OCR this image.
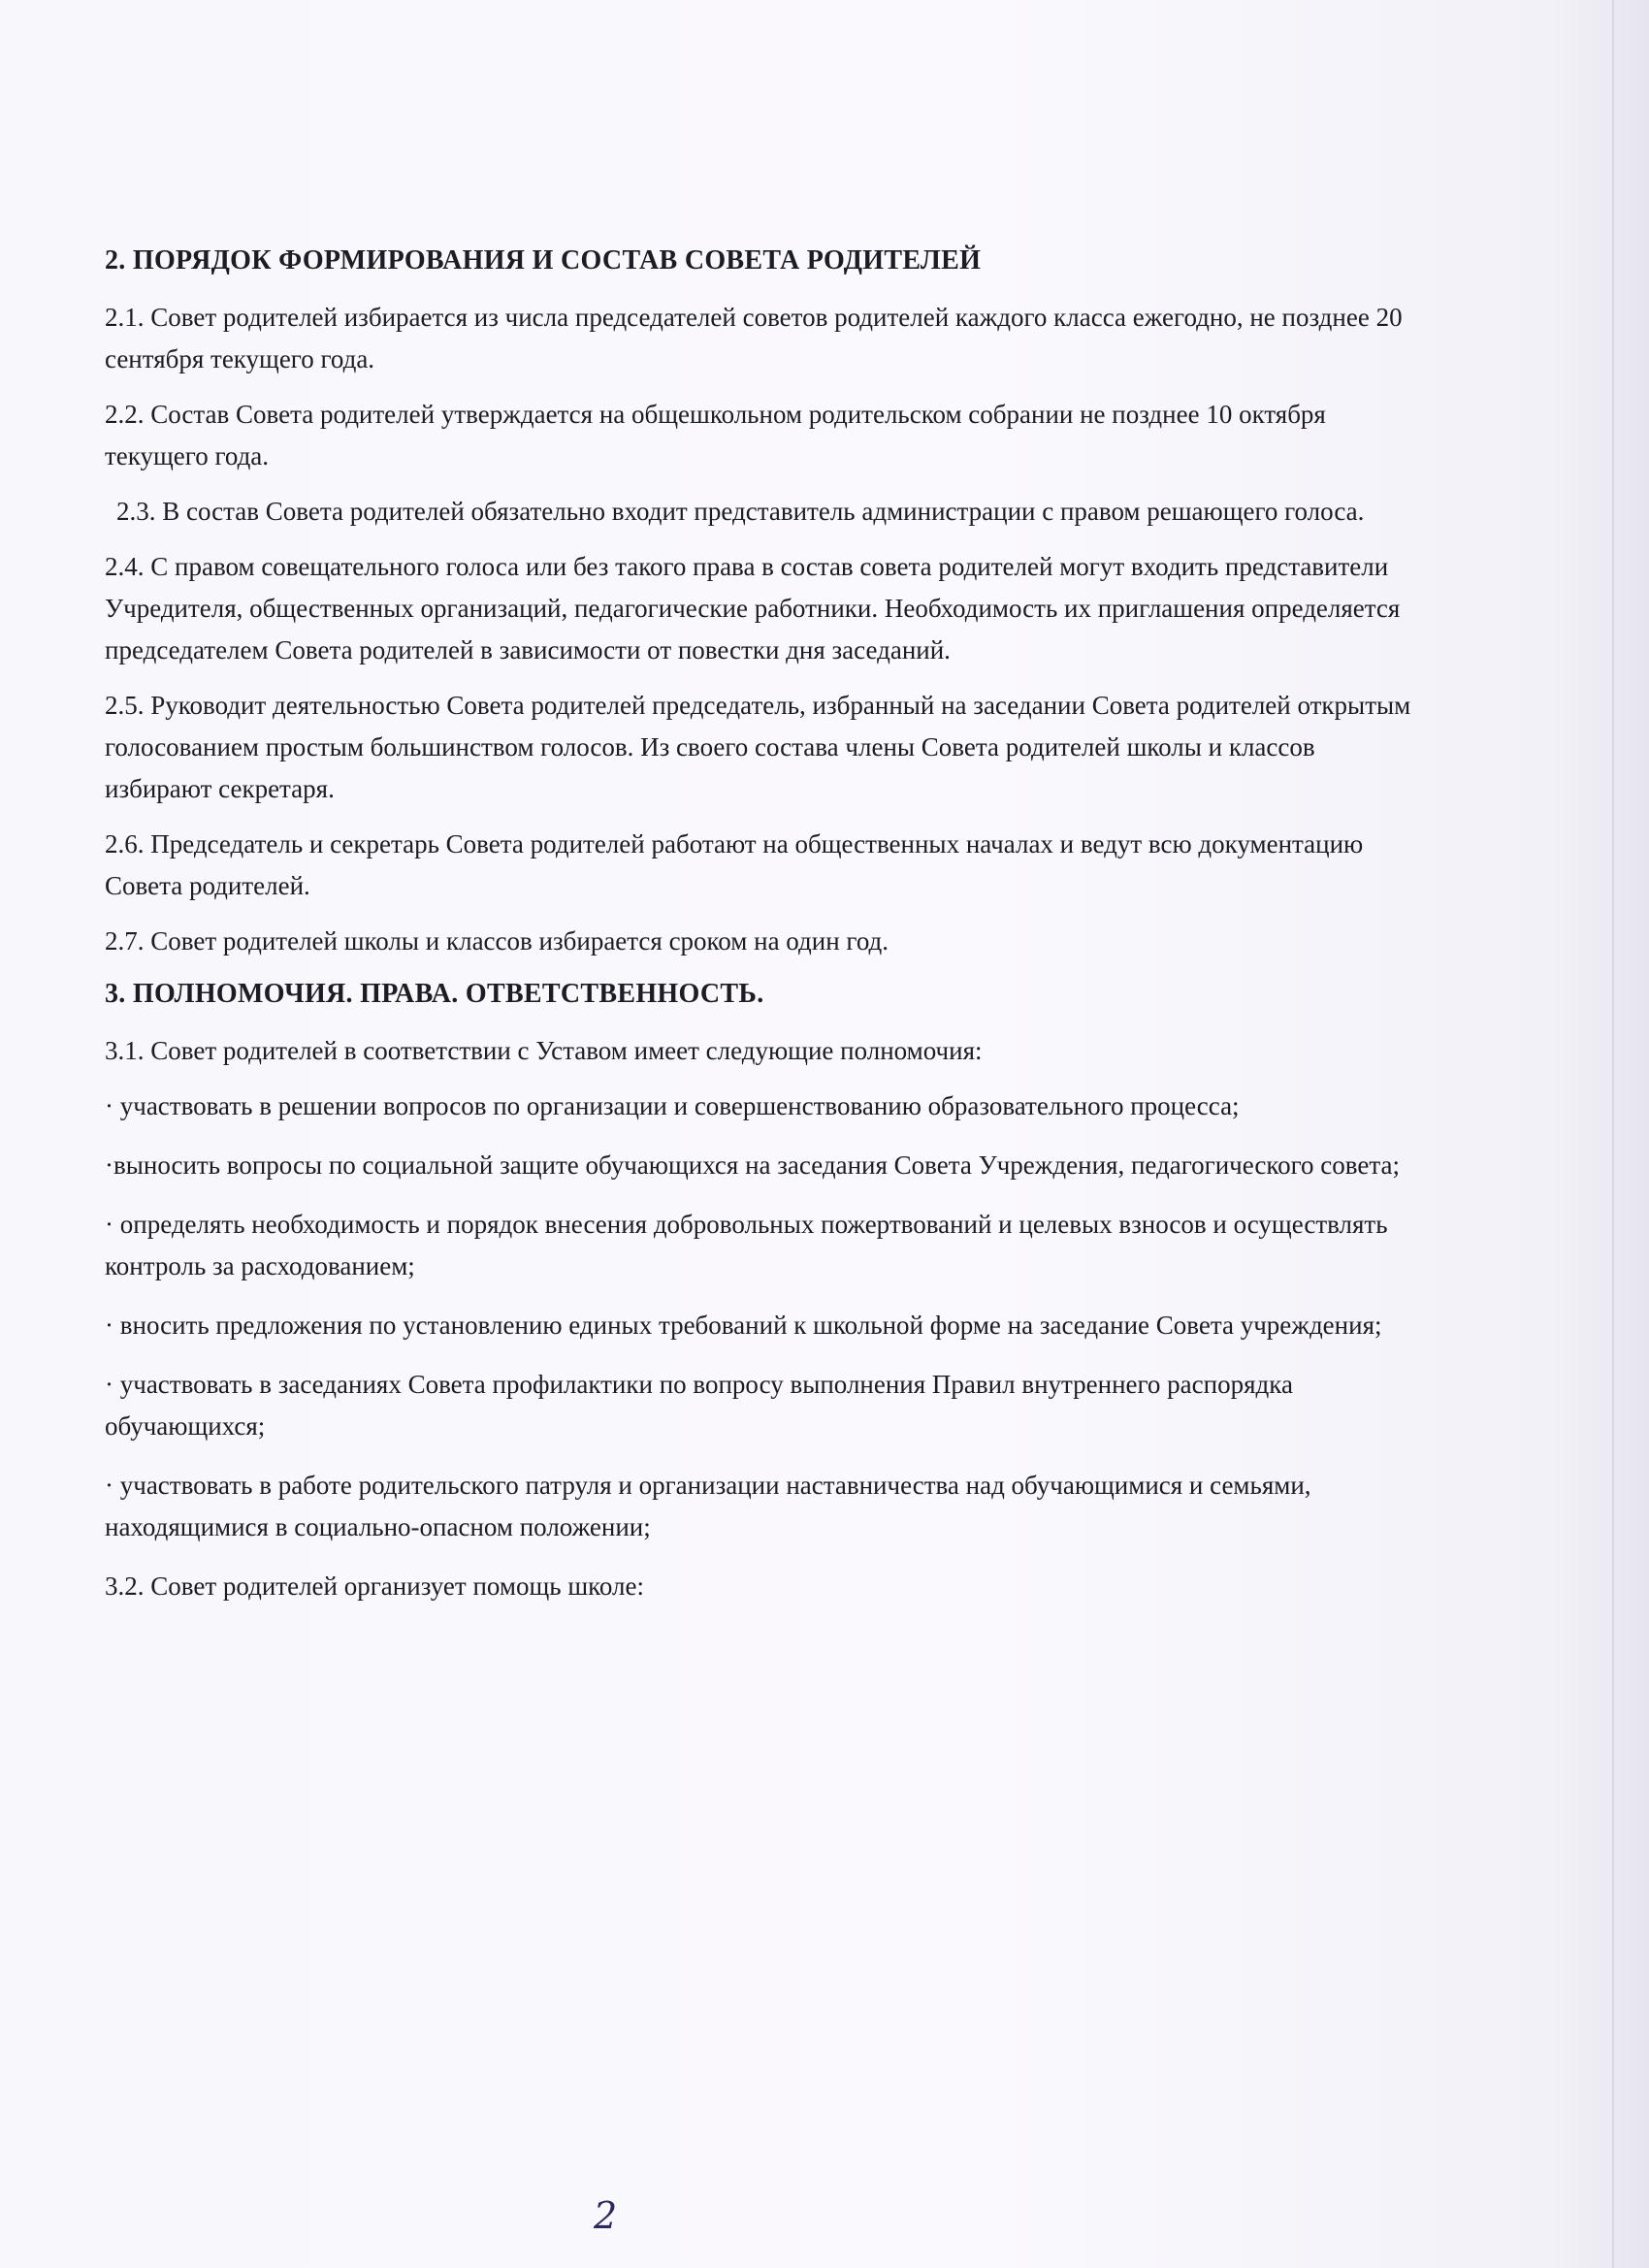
2. ПОРЯДОК ФОРМИРОВАНИЯ И СОСТАВ СОВЕТА РОДИТЕЛЕЙ
2.1. Совет родителей избирается из числа председателей советов родителей каждого класса ежегодно, не позднее 20 сентября текущего года.
2.2. Состав Совета родителей утверждается на общешкольном родительском собрании не позднее 10 октября текущего года.
2.3. В состав Совета родителей обязательно входит представитель администрации с правом решающего голоса.
2.4. С правом совещательного голоса или без такого права в состав совета родителей могут входить представители Учредителя, общественных организаций, педагогические работники. Необходимость их приглашения определяется председателем Совета родителей в зависимости от повестки дня заседаний.
2.5. Руководит деятельностью Совета родителей председатель, избранный на заседании Совета родителей открытым голосованием простым большинством голосов. Из своего состава члены Совета родителей школы и классов избирают секретаря.
2.6. Председатель и секретарь Совета родителей работают на общественных началах и ведут всю документацию Совета родителей.
2.7. Совет родителей школы и классов избирается сроком на один год.
3. ПОЛНОМОЧИЯ. ПРАВА. ОТВЕТСТВЕННОСТЬ.
3.1. Совет родителей в соответствии с Уставом имеет следующие полномочия:
· участвовать в решении вопросов по организации и совершенствованию образовательного процесса;
·выносить вопросы по социальной защите обучающихся на заседания Совета Учреждения, педагогического совета;
· определять необходимость и порядок внесения добровольных пожертвований и целевых взносов и осуществлять контроль за расходованием;
· вносить предложения по установлению единых требований к школьной форме на заседание Совета учреждения;
· участвовать в заседаниях Совета профилактики по вопросу выполнения Правил внутреннего распорядка обучающихся;
· участвовать в работе родительского патруля и организации наставничества над обучающимися и семьями, находящимися в социально-опасном положении;
3.2. Совет родителей организует помощь школе:
2
